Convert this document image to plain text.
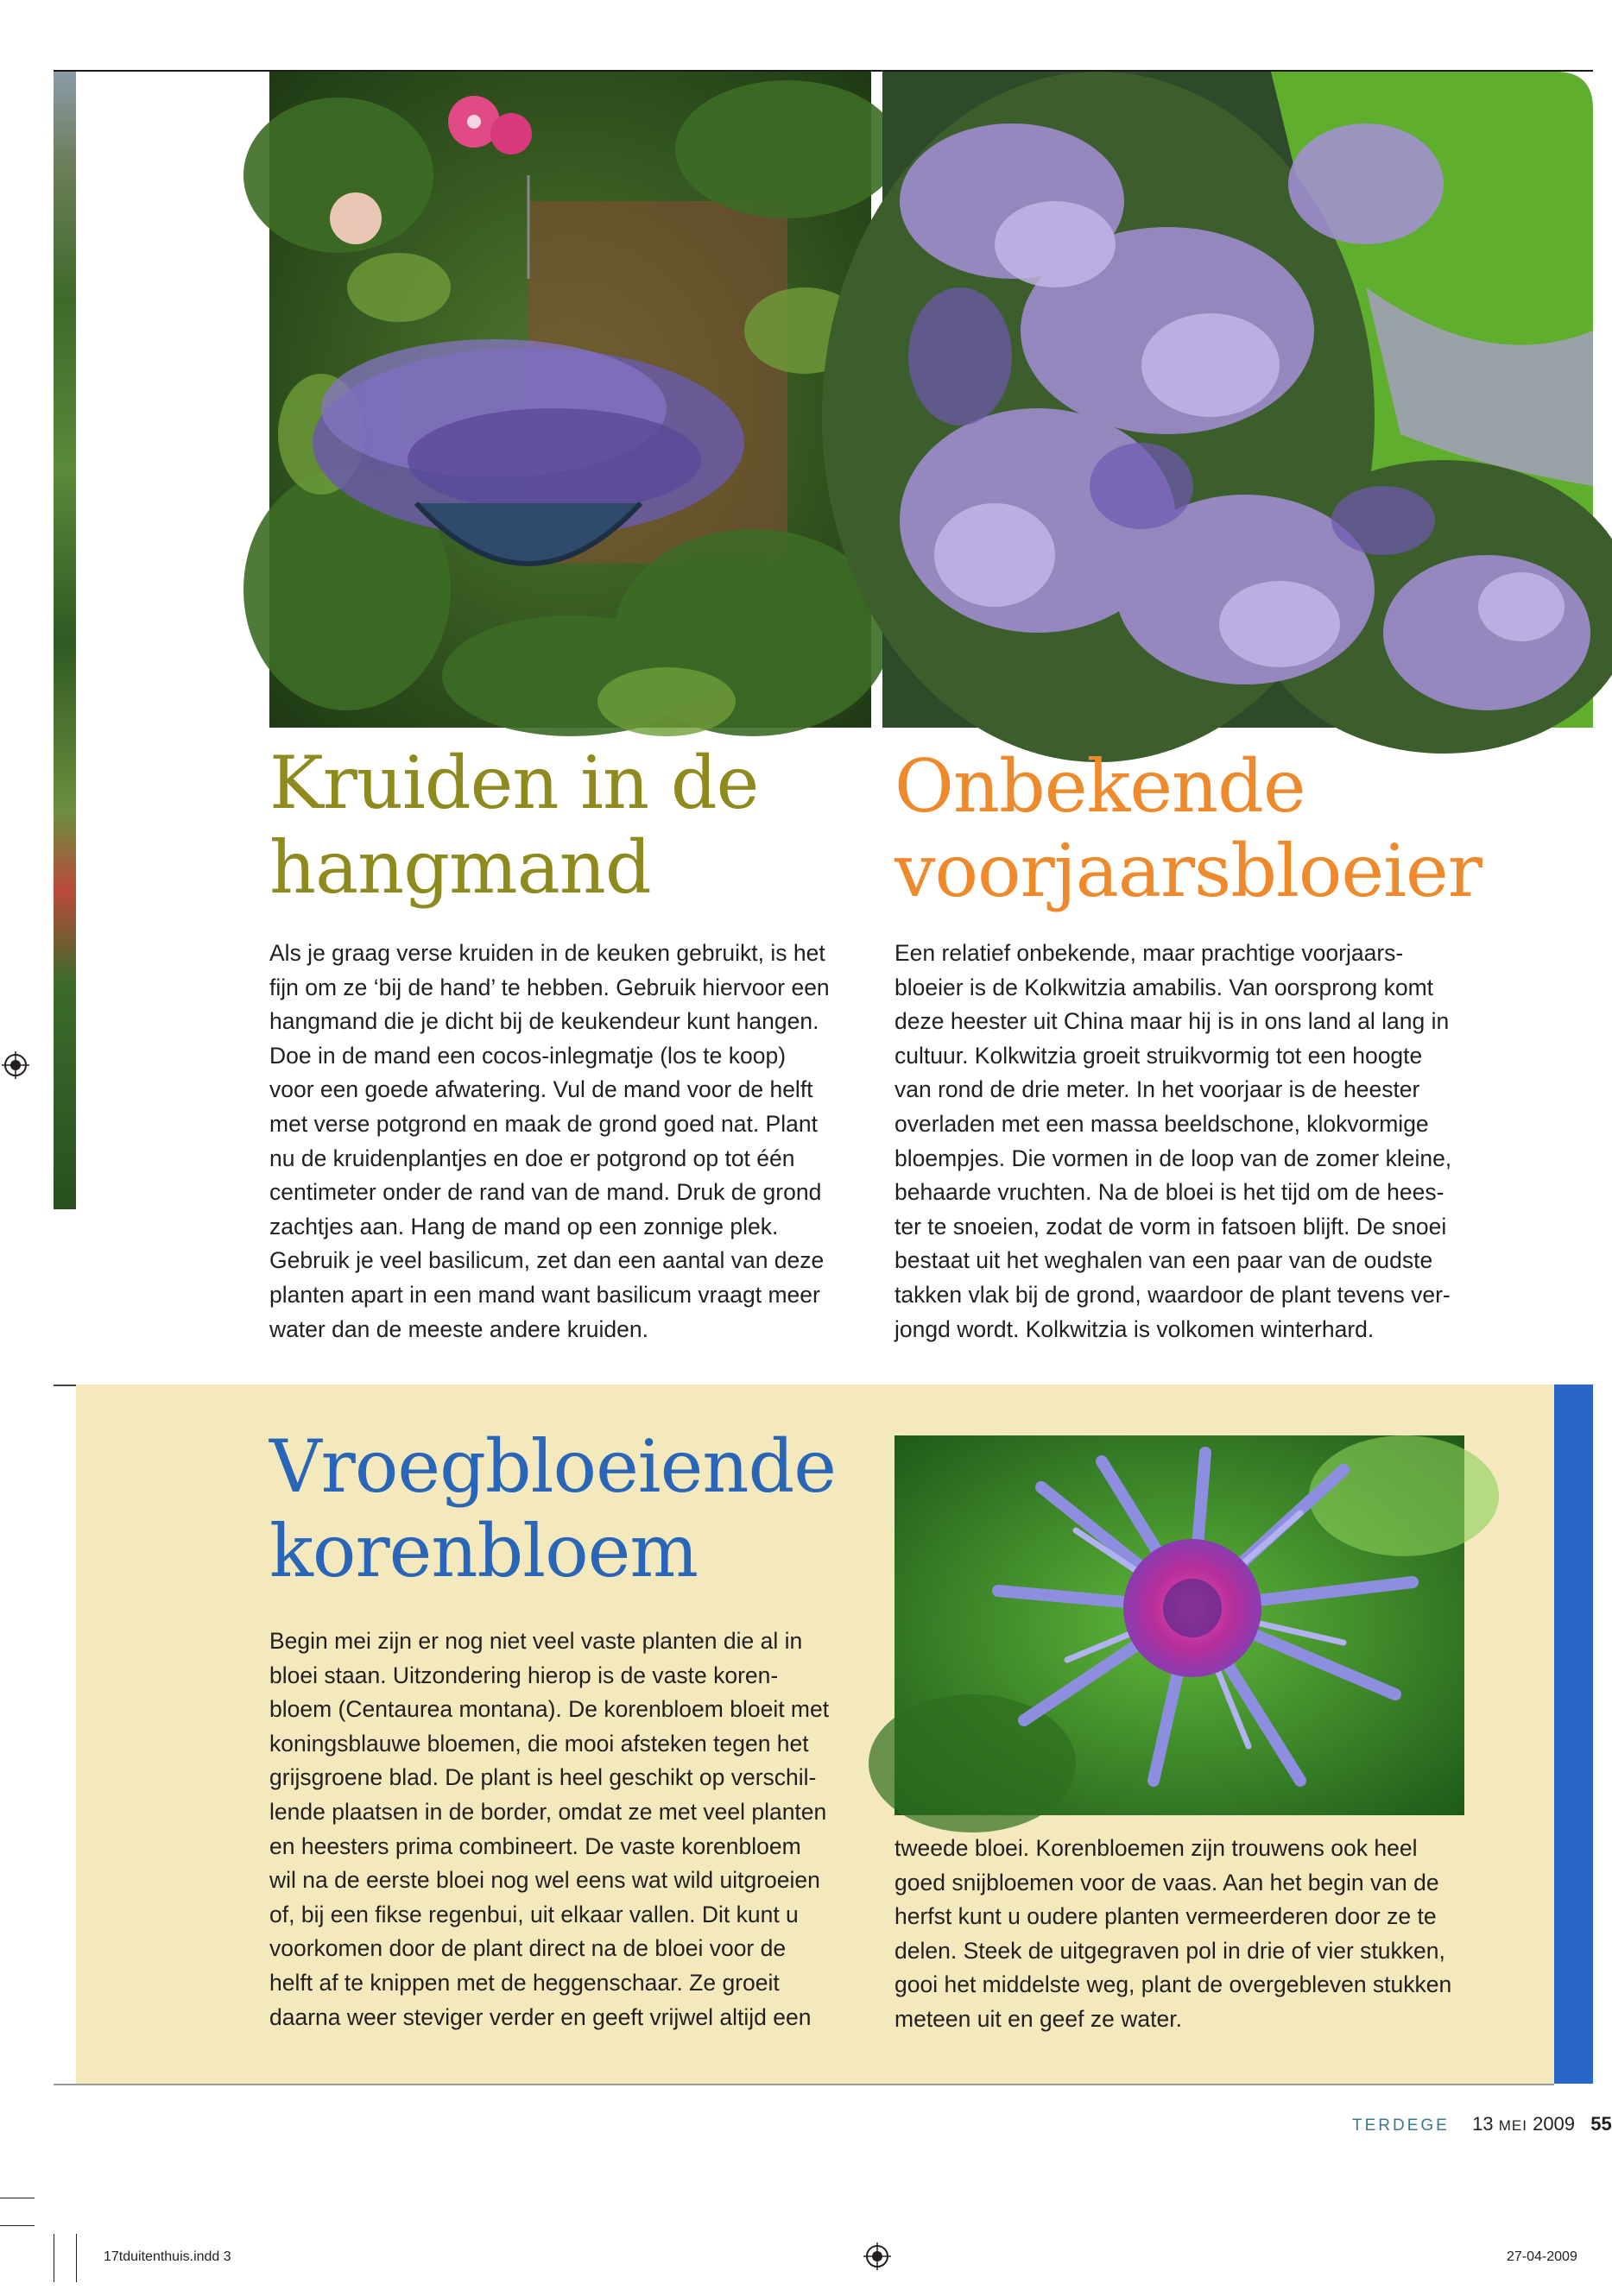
Kruiden in de
hangmand

Als je graag verse kruiden in de keuken gebruikt, is het

fijn om ze ‘bij de hand’ te hebben. Gebruik hiervoor een

hangmand die je dicht bij de keukendeur kunt hangen.

Doe in de mand een cocos-inlegmatje (los te koop)

voor een goede afwatering. Vul de mand voor de helft

met verse potgrond en maak de grond goed nat. Plant

nu de kruidenplantjes en doe er potgrond op tot één

centimeter onder de rand van de mand. Druk de grond

zachtjes aan. Hang de mand op een zonnige plek.

Gebruik je veel basilicum, zet dan een aantal van deze

planten apart in een mand want basilicum vraagt meer

water dan de meeste andere kruiden.

Onbekende
voorjaarsbloeier

Een relatief onbekende, maar prachtige voorjaars-

bloeier is de Kolkwitzia amabilis. Van oorsprong komt

deze heester uit China maar hij is in ons land al lang in

cultuur. Kolkwitzia groeit struikvormig tot een hoogte

van rond de drie meter. In het voorjaar is de heester

overladen met een massa beeldschone, klokvormige

bloempjes. Die vormen in de loop van de zomer kleine,

behaarde vruchten. Na de bloei is het tijd om de hees-

ter te snoeien, zodat de vorm in fatsoen blijft. De snoei

bestaat uit het weghalen van een paar van de oudste

takken vlak bij de grond, waardoor de plant tevens ver-

jongd wordt. Kolkwitzia is volkomen winterhard.

Vroegbloeiende
korenbloem

Begin mei zijn er nog niet veel vaste planten die al in

bloei staan. Uitzondering hierop is de vaste koren-

bloem (Centaurea montana). De korenbloem bloeit met

koningsblauwe bloemen, die mooi afsteken tegen het

grijsgroene blad. De plant is heel geschikt op verschil-

lende plaatsen in de border, omdat ze met veel planten

en heesters prima combineert. De vaste korenbloem

wil na de eerste bloei nog wel eens wat wild uitgroeien

of, bij een fikse regenbui, uit elkaar vallen. Dit kunt u

voorkomen door de plant direct na de bloei voor de

helft af te knippen met de heggenschaar. Ze groeit

daarna weer steviger verder en geeft vrijwel altijd een

tweede bloei. Korenbloemen zijn trouwens ook heel

goed snijbloemen voor de vaas. Aan het begin van de

herfst kunt u oudere planten vermeerderen door ze te

delen. Steek de uitgegraven pol in drie of vier stukken,

gooi het middelste weg, plant de overgebleven stukken

meteen uit en geef ze water.

TERDEGE 13 MEI 2009 55
17tduitenthuis.indd 3	27-04-2009
